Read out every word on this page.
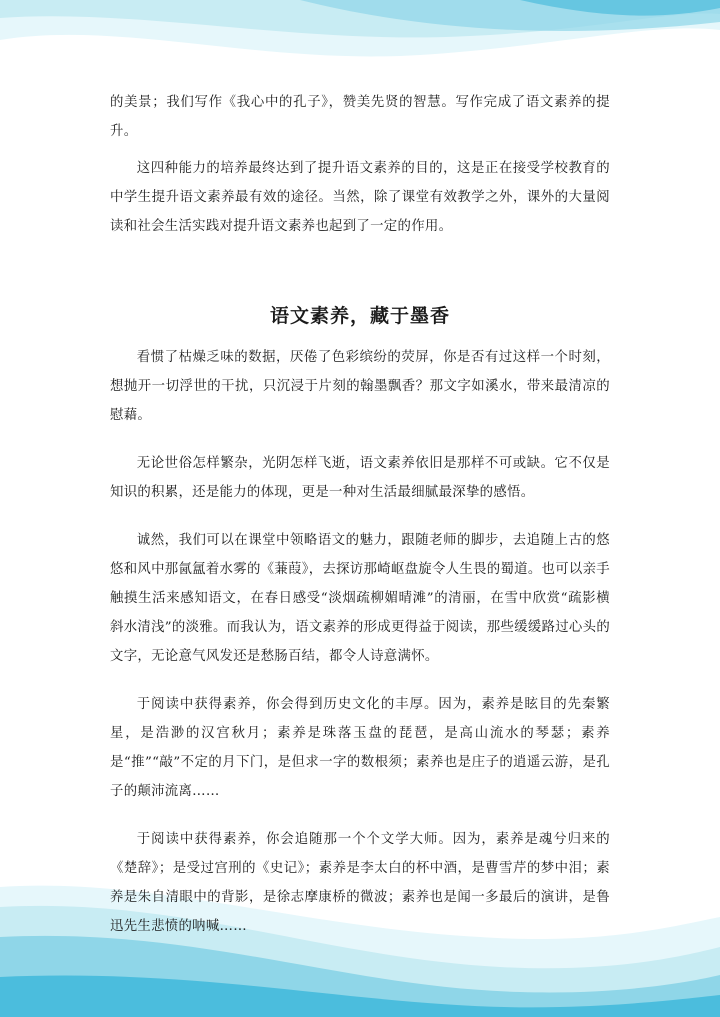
的美景；我们写作《我心中的孔子》，赞美先贤的智慧。写作完成了语文素养的提升。

这四种能力的培养最终达到了提升语文素养的目的，这是正在接受学校教育的中学生提升语文素养最有效的途径。当然，除了课堂有效教学之外，课外的大量阅读和社会生活实践对提升语文素养也起到了一定的作用。

语文素养，藏于墨香

看惯了枯燥乏味的数据，厌倦了色彩缤纷的荧屏，你是否有过这样一个时刻，想抛开一切浮世的干扰，只沉浸于片刻的翰墨飘香？那文字如溪水，带来最清凉的慰藉。

无论世俗怎样繁杂，光阴怎样飞逝，语文素养依旧是那样不可或缺。它不仅是知识的积累，还是能力的体现，更是一种对生活最细腻最深挚的感悟。

诚然，我们可以在课堂中领略语文的魅力，跟随老师的脚步，去追随上古的悠悠和风中那氤氲着水雾的《蒹葭》，去探访那崎岖盘旋令人生畏的蜀道。也可以亲手触摸生活来感知语文，在春日感受“淡烟疏柳媚晴滩”的清丽，在雪中欣赏“疏影横斜水清浅”的淡雅。而我认为，语文素养的形成更得益于阅读，那些缓缓路过心头的文字，无论意气风发还是愁肠百结，都令人诗意满怀。

于阅读中获得素养，你会得到历史文化的丰厚。因为，素养是眩目的先秦繁星，是浩渺的汉宫秋月；素养是珠落玉盘的琵琶，是高山流水的琴瑟；素养是“推”“敲”不定的月下门，是但求一字的数根须；素养也是庄子的逍遥云游，是孔子的颠沛流离……

于阅读中获得素养，你会追随那一个个文学大师。因为，素养是魂兮归来的《楚辞》；是受过宫刑的《史记》；素养是李太白的杯中酒，是曹雪芹的梦中泪；素养是朱自清眼中的背影，是徐志摩康桥的微波；素养也是闻一多最后的演讲，是鲁迅先生悲愤的呐喊……
